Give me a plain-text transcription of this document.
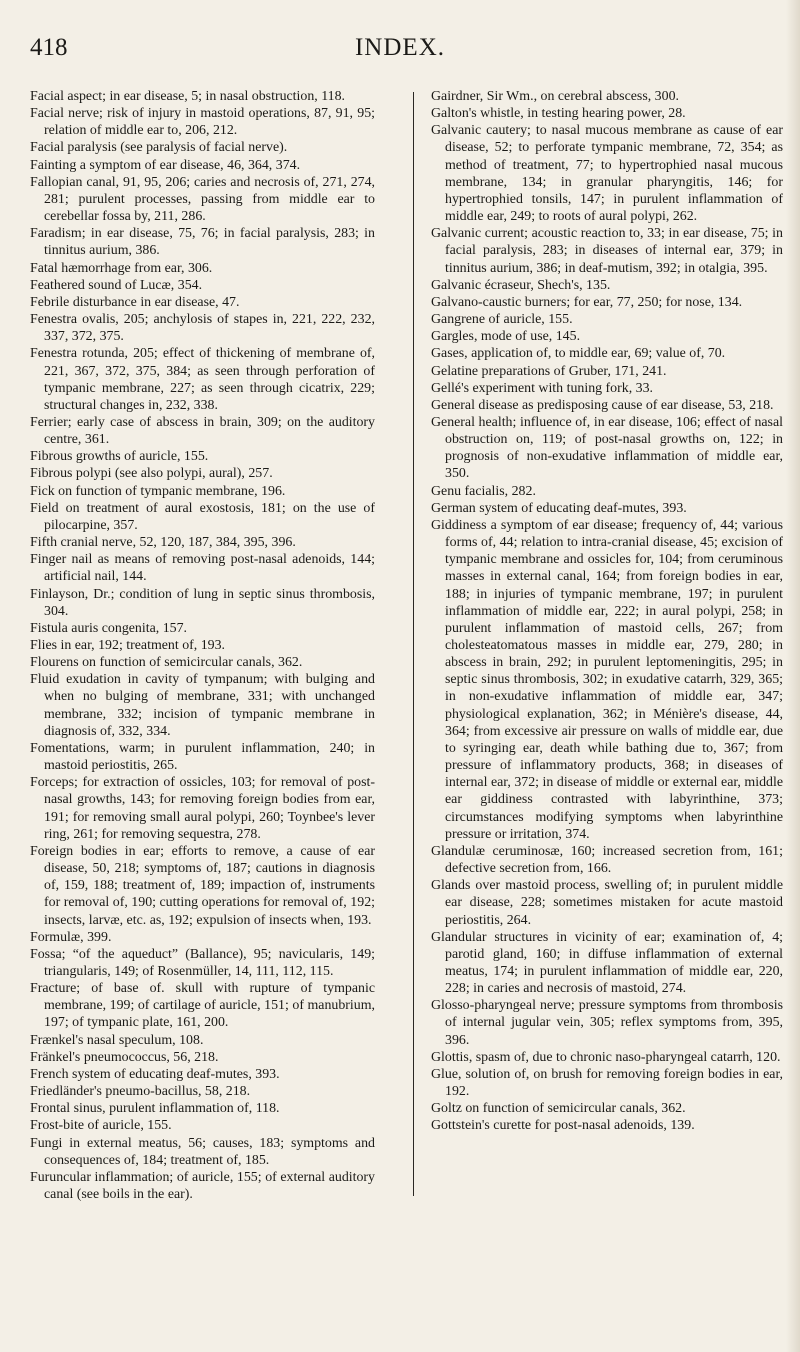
418	INDEX.

Facial aspect; in ear disease, 5; in nasal obstruction, 118.

Facial nerve; risk of injury in mastoid operations, 87, 91, 95; relation of middle ear to, 206, 212.

Facial paralysis (see paralysis of facial nerve).

Fainting a symptom of ear disease, 46, 364, 374.

Fallopian canal, 91, 95, 206; caries and necrosis of, 271, 274, 281; purulent processes, passing from middle ear to cerebellar fossa by, 211, 286.

Faradism; in ear disease, 75, 76; in facial paralysis, 283; in tinnitus aurium, 386.

Fatal hæmorrhage from ear, 306.

Feathered sound of Lucæ, 354.

Febrile disturbance in ear disease, 47.

Fenestra ovalis, 205; anchylosis of stapes in, 221, 222, 232, 337, 372, 375.

Fenestra rotunda, 205; effect of thickening of membrane of, 221, 367, 372, 375, 384; as seen through perforation of tympanic membrane, 227; as seen through cicatrix, 229; structural changes in, 232, 338.

Ferrier; early case of abscess in brain, 309; on the auditory centre, 361.

Fibrous growths of auricle, 155.

Fibrous polypi (see also polypi, aural), 257.

Fick on function of tympanic membrane, 196.

Field on treatment of aural exostosis, 181; on the use of pilocarpine, 357.

Fifth cranial nerve, 52, 120, 187, 384, 395, 396.

Finger nail as means of removing post-nasal adenoids, 144; artificial nail, 144.

Finlayson, Dr.; condition of lung in septic sinus thrombosis, 304.

Fistula auris congenita, 157.

Flies in ear, 192; treatment of, 193.

Flourens on function of semicircular canals, 362.

Fluid exudation in cavity of tympanum; with bulging and when no bulging of membrane, 331; with unchanged membrane, 332; incision of tympanic membrane in diagnosis of, 332, 334.

Fomentations, warm; in purulent inflammation, 240; in mastoid periostitis, 265.

Forceps; for extraction of ossicles, 103; for removal of post-nasal growths, 143; for removing foreign bodies from ear, 191; for removing small aural polypi, 260; Toynbee's lever ring, 261; for removing sequestra, 278.

Foreign bodies in ear; efforts to remove, a cause of ear disease, 50, 218; symptoms of, 187; cautions in diagnosis of, 159, 188; treatment of, 189; impaction of, instruments for removal of, 190; cutting operations for removal of, 192; insects, larvæ, etc. as, 192; expulsion of insects when, 193.

Formulæ, 399.

Fossa; “of the aqueduct” (Ballance), 95; navicularis, 149; triangularis, 149; of Rosenmüller, 14, 111, 112, 115.

Fracture; of base of. skull with rupture of tympanic membrane, 199; of cartilage of auricle, 151; of manubrium, 197; of tympanic plate, 161, 200.

Frænkel's nasal speculum, 108.

Fränkel's pneumococcus, 56, 218.

French system of educating deaf-mutes, 393.

Friedländer's pneumo-bacillus, 58, 218.

Frontal sinus, purulent inflammation of, 118.

Frost-bite of auricle, 155.

Fungi in external meatus, 56; causes, 183; symptoms and consequences of, 184; treatment of, 185.

Furuncular inflammation; of auricle, 155; of external auditory canal (see boils in the ear).

Gairdner, Sir Wm., on cerebral abscess, 300.

Galton's whistle, in testing hearing power, 28.

Galvanic cautery; to nasal mucous membrane as cause of ear disease, 52; to perforate tympanic membrane, 72, 354; as method of treatment, 77; to hypertrophied nasal mucous membrane, 134; in granular pharyngitis, 146; for hypertrophied tonsils, 147; in purulent inflammation of middle ear, 249; to roots of aural polypi, 262.

Galvanic current; acoustic reaction to, 33; in ear disease, 75; in facial paralysis, 283; in diseases of internal ear, 379; in tinnitus aurium, 386; in deaf-mutism, 392; in otalgia, 395.

Galvanic écraseur, Shech's, 135.

Galvano-caustic burners; for ear, 77, 250; for nose, 134.

Gangrene of auricle, 155.

Gargles, mode of use, 145.

Gases, application of, to middle ear, 69; value of, 70.

Gelatine preparations of Gruber, 171, 241.

Gellé's experiment with tuning fork, 33.

General disease as predisposing cause of ear disease, 53, 218.

General health; influence of, in ear disease, 106; effect of nasal obstruction on, 119; of post-nasal growths on, 122; in prognosis of non-exudative inflammation of middle ear, 350.

Genu facialis, 282.

German system of educating deaf-mutes, 393.

Giddiness a symptom of ear disease; frequency of, 44; various forms of, 44; relation to intra-cranial disease, 45; excision of tympanic membrane and ossicles for, 104; from ceruminous masses in external canal, 164; from foreign bodies in ear, 188; in injuries of tympanic membrane, 197; in purulent inflammation of middle ear, 222; in aural polypi, 258; in purulent inflammation of mastoid cells, 267; from cholesteatomatous masses in middle ear, 279, 280; in abscess in brain, 292; in purulent leptomeningitis, 295; in septic sinus thrombosis, 302; in exudative catarrh, 329, 365; in non-exudative inflammation of middle ear, 347; physiological explanation, 362; in Ménière's disease, 44, 364; from excessive air pressure on walls of middle ear, due to syringing ear, death while bathing due to, 367; from pressure of inflammatory products, 368; in diseases of internal ear, 372; in disease of middle or external ear, middle ear giddiness contrasted with labyrinthine, 373; circumstances modifying symptoms when labyrinthine pressure or irritation, 374.

Glandulæ ceruminosæ, 160; increased secretion from, 161; defective secretion from, 166.

Glands over mastoid process, swelling of; in purulent middle ear disease, 228; sometimes mistaken for acute mastoid periostitis, 264.

Glandular structures in vicinity of ear; examination of, 4; parotid gland, 160; in diffuse inflammation of external meatus, 174; in purulent inflammation of middle ear, 220, 228; in caries and necrosis of mastoid, 274.

Glosso-pharyngeal nerve; pressure symptoms from thrombosis of internal jugular vein, 305; reflex symptoms from, 395, 396.

Glottis, spasm of, due to chronic naso-pharyngeal catarrh, 120.

Glue, solution of, on brush for removing foreign bodies in ear, 192.

Goltz on function of semicircular canals, 362.

Gottstein's curette for post-nasal adenoids, 139.
